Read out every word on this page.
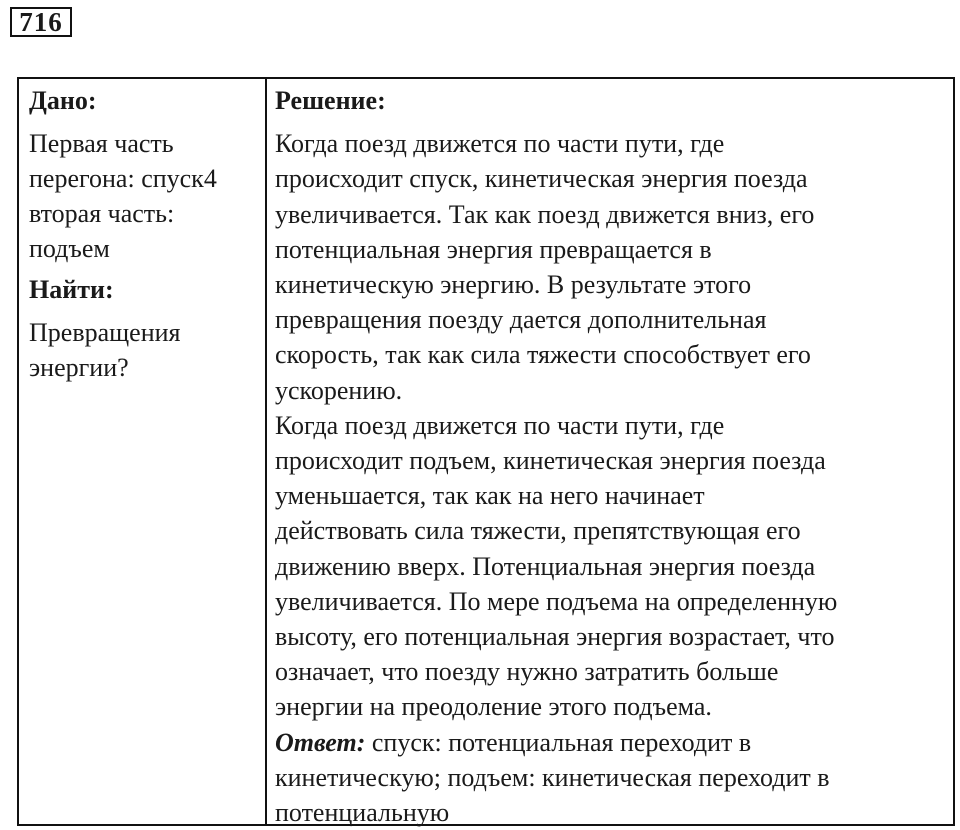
716
Дано:
Первая часть
перегона: спуск4
вторая часть:
подъем
Найти:
Превращения
энергии?
Решение:

Когда поезд движется по части пути, где
происходит спуск, кинетическая энергия поезда
увеличивается. Так как поезд движется вниз, его
потенциальная энергия превращается в
кинетическую энергию. В результате этого
превращения поезду дается дополнительная
скорость, так как сила тяжести способствует его
ускорению.

Когда поезд движется по части пути, где
происходит подъем, кинетическая энергия поезда
уменьшается, так как на него начинает
действовать сила тяжести, препятствующая его
движению вверх. Потенциальная энергия поезда
увеличивается. По мере подъема на определенную
высоту, его потенциальная энергия возрастает, что
означает, что поезду нужно затратить больше
энергии на преодоление этого подъема.

Ответ: спуск: потенциальная переходит в
кинетическую; подъем: кинетическая переходит в
потенциальную
